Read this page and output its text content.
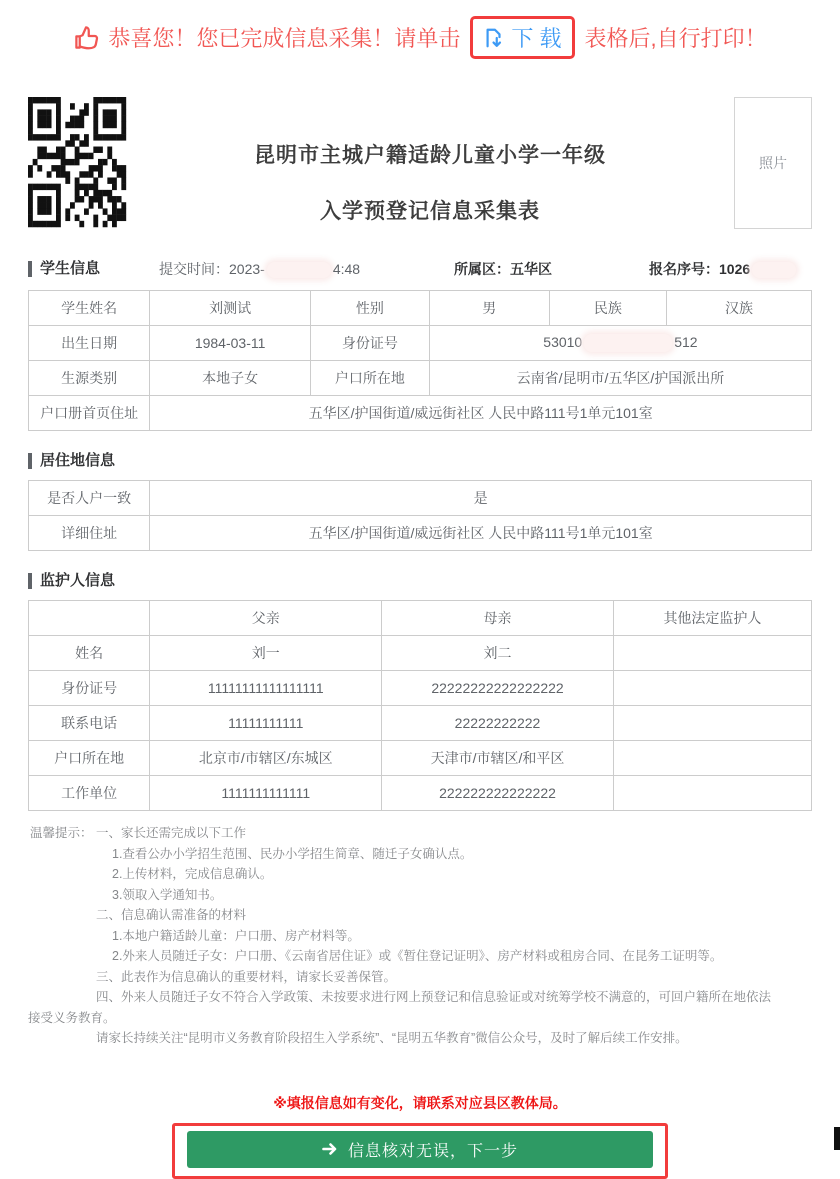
恭喜您！您已完成信息采集！请单击 下 载 表格后,自行打印！
昆明市主城户籍适龄儿童小学一年级
入学预登记信息采集表
照片
学生信息	提交时间：2023-	4:48	所属区：五华区	报名序号：1026
学生姓名	刘测试	性别	男	民族	汉族
出生日期	1984-03-11	身份证号	53010 512		
生源类别	本地子女	户口所在地	云南省/昆明市/五华区/护国派出所		
户口册首页住址	五华区/护国街道/威远街社区 人民中路111号1单元101室				
居住地信息
是否人户一致	是
详细住址	五华区/护国街道/威远街社区 人民中路111号1单元101室
监护人信息
	父亲	母亲	其他法定监护人
姓名	刘一	刘二	
身份证号	11111111111111111	22222222222222222	
联系电话	11111111111	22222222222	
户口所在地	北京市/市辖区/东城区	天津市/市辖区/和平区	
工作单位	1111111111111	222222222222222	
温馨提示： 一、家长还需完成以下工作
1.查看公办小学招生范围、民办小学招生简章、随迁子女确认点。
2.上传材料，完成信息确认。
3.领取入学通知书。
二、信息确认需准备的材料
1.本地户籍适龄儿童：户口册、房产材料等。
2.外来人员随迁子女：户口册、《云南省居住证》或《暂住登记证明》、房产材料或租房合同、在昆务工证明等。
三、此表作为信息确认的重要材料，请家长妥善保管。
四、外来人员随迁子女不符合入学政策、未按要求进行网上预登记和信息验证或对统筹学校不满意的，可回户籍所在地依法
接受义务教育。
请家长持续关注“昆明市义务教育阶段招生入学系统”、“昆明五华教育”微信公众号，及时了解后续工作安排。
※填报信息如有变化，请联系对应县区教体局。
信息核对无误，下一步
